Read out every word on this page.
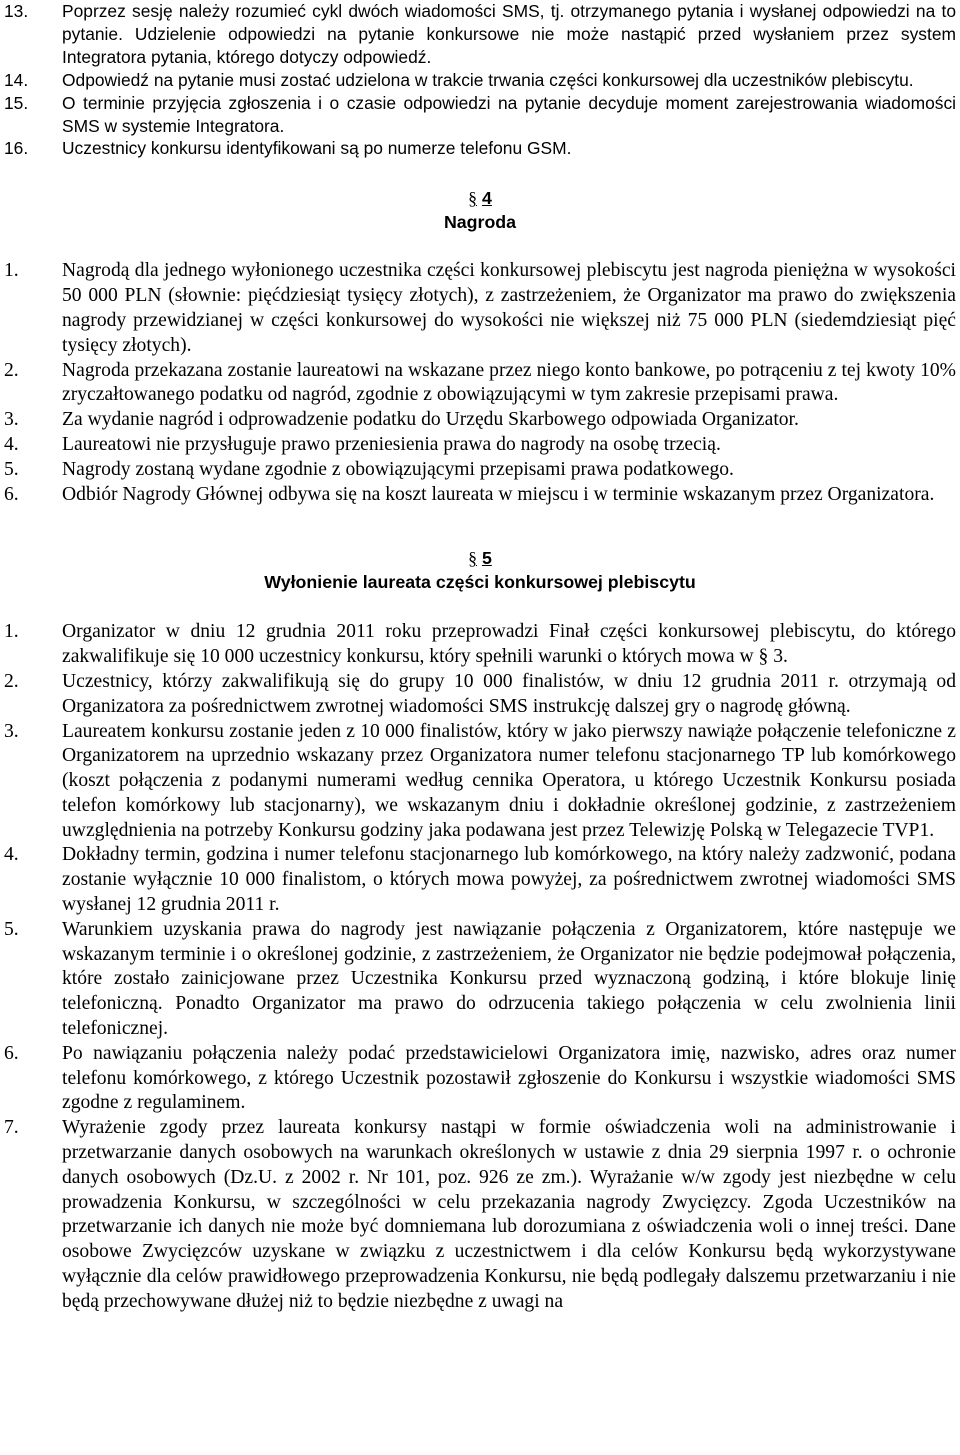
13.	Poprzez sesję należy rozumieć cykl dwóch wiadomości SMS, tj. otrzymanego pytania i wysłanej odpowiedzi na to pytanie. Udzielenie odpowiedzi na pytanie konkursowe nie może nastąpić przed wysłaniem przez system Integratora pytania, którego dotyczy odpowiedź.
14.	Odpowiedź na pytanie musi zostać udzielona w trakcie trwania części konkursowej dla uczestników plebiscytu.
15.	O terminie przyjęcia zgłoszenia i o czasie odpowiedzi na pytanie decyduje moment zarejestrowania wiadomości SMS w systemie Integratora.
16.	Uczestnicy konkursu identyfikowani są po numerze telefonu GSM.
§ 4
Nagroda
1.	Nagrodą dla jednego wyłonionego uczestnika części konkursowej plebiscytu jest nagroda pieniężna w wysokości 50 000 PLN (słownie: pięćdziesiąt tysięcy złotych), z zastrzeżeniem, że Organizator ma prawo do zwiększenia nagrody przewidzianej w części konkursowej do wysokości nie większej niż 75 000 PLN (siedemdziesiąt pięć tysięcy złotych).
2.	Nagroda przekazana zostanie laureatowi na wskazane przez niego konto bankowe, po potrąceniu z tej kwoty 10% zryczałtowanego podatku od nagród, zgodnie z obowiązującymi w tym zakresie przepisami prawa.
3.	Za wydanie nagród i odprowadzenie podatku do Urzędu Skarbowego odpowiada Organizator.
4.	Laureatowi nie przysługuje prawo przeniesienia prawa do nagrody na osobę trzecią.
5.	Nagrody zostaną wydane zgodnie z obowiązującymi przepisami prawa podatkowego.
6.	Odbiór Nagrody Głównej odbywa się na koszt laureata w miejscu i w terminie wskazanym przez Organizatora.
§ 5
Wyłonienie laureata części konkursowej plebiscytu
1.	Organizator w dniu 12 grudnia 2011 roku przeprowadzi Finał części konkursowej plebiscytu, do którego zakwalifikuje się 10 000 uczestnicy konkursu, który spełnili warunki o których mowa w § 3.
2.	Uczestnicy, którzy zakwalifikują się do grupy 10 000 finalistów, w dniu 12 grudnia 2011 r. otrzymają od Organizatora za pośrednictwem zwrotnej wiadomości SMS instrukcję dalszej gry o nagrodę główną.
3.	Laureatem konkursu zostanie jeden z 10 000 finalistów, który w jako pierwszy nawiąże połączenie telefoniczne z Organizatorem na uprzednio wskazany przez Organizatora numer telefonu stacjonarnego TP lub komórkowego (koszt połączenia z podanymi numerami według cennika Operatora, u którego Uczestnik Konkursu posiada telefon komórkowy lub stacjonarny), we wskazanym dniu i dokładnie określonej godzinie, z zastrzeżeniem uwzględnienia na potrzeby Konkursu godziny jaka podawana jest przez Telewizję Polską w Telegazecie TVP1.
4.	Dokładny termin, godzina i numer telefonu stacjonarnego lub komórkowego, na który należy zadzwonić, podana zostanie wyłącznie 10 000 finalistom, o których mowa powyżej, za pośrednictwem zwrotnej wiadomości SMS wysłanej 12 grudnia 2011 r.
5.	Warunkiem uzyskania prawa do nagrody jest nawiązanie połączenia z Organizatorem, które następuje we wskazanym terminie i o określonej godzinie, z zastrzeżeniem, że Organizator nie będzie podejmował połączenia, które zostało zainicjowane przez Uczestnika Konkursu przed wyznaczoną godziną, i które blokuje linię telefoniczną. Ponadto Organizator ma prawo do odrzucenia takiego połączenia w celu zwolnienia linii telefonicznej.
6.	Po nawiązaniu połączenia należy podać przedstawicielowi Organizatora imię, nazwisko, adres oraz numer telefonu komórkowego, z którego Uczestnik pozostawił zgłoszenie do Konkursu i wszystkie wiadomości SMS zgodne z regulaminem.
7.	Wyrażenie zgody przez laureata konkursy nastąpi w formie oświadczenia woli na administrowanie i przetwarzanie danych osobowych na warunkach określonych w ustawie z dnia 29 sierpnia 1997 r. o ochronie danych osobowych (Dz.U. z 2002 r. Nr 101, poz. 926 ze zm.). Wyrażanie w/w zgody jest niezbędne w celu prowadzenia Konkursu, w szczególności w celu przekazania nagrody Zwycięzcy. Zgoda Uczestników na przetwarzanie ich danych nie może być domniemana lub dorozumiana z oświadczenia woli o innej treści. Dane osobowe Zwycięzców uzyskane w związku z uczestnictwem i dla celów Konkursu będą wykorzystywane wyłącznie dla celów prawidłowego przeprowadzenia Konkursu, nie będą podlegały dalszemu przetwarzaniu i nie będą przechowywane dłużej niż to będzie niezbędne z uwagi na
